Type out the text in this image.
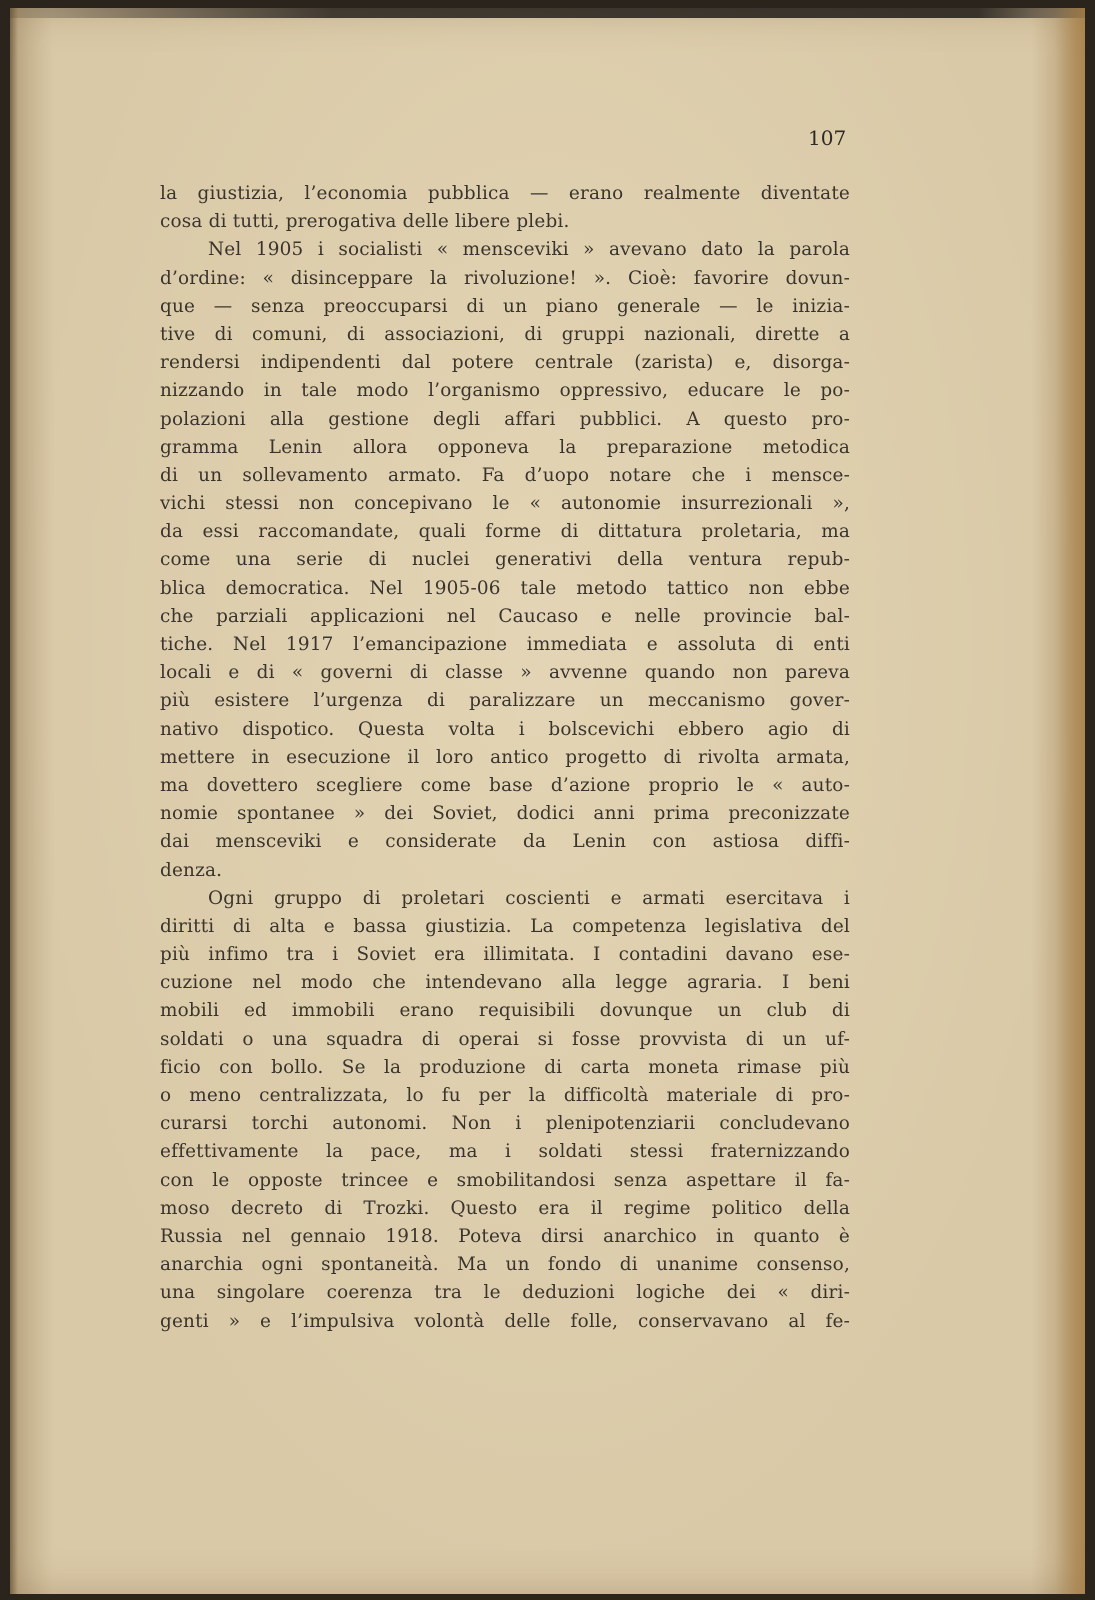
107
la giustizia, l’economia pubblica — erano realmente diventate
cosa di tutti, prerogativa delle libere plebi.
Nel 1905 i socialisti « mensceviki » avevano dato la parola
d’ordine: « disinceppare la rivoluzione! ». Cioè: favorire dovun-
que — senza preoccuparsi di un piano generale — le inizia-
tive di comuni, di associazioni, di gruppi nazionali, dirette a
rendersi indipendenti dal potere centrale (zarista) e, disorga-
nizzando in tale modo l’organismo oppressivo, educare le po-
polazioni alla gestione degli affari pubblici. A questo pro-
gramma Lenin allora opponeva la preparazione metodica
di un sollevamento armato. Fa d’uopo notare che i mensce-
vichi stessi non concepivano le « autonomie insurrezionali »,
da essi raccomandate, quali forme di dittatura proletaria, ma
come una serie di nuclei generativi della ventura repub-
blica democratica. Nel 1905-06 tale metodo tattico non ebbe
che parziali applicazioni nel Caucaso e nelle provincie bal-
tiche. Nel 1917 l’emancipazione immediata e assoluta di enti
locali e di « governi di classe » avvenne quando non pareva
più esistere l’urgenza di paralizzare un meccanismo gover-
nativo dispotico. Questa volta i bolscevichi ebbero agio di
mettere in esecuzione il loro antico progetto di rivolta armata,
ma dovettero scegliere come base d’azione proprio le « auto-
nomie spontanee » dei Soviet, dodici anni prima preconizzate
dai mensceviki e considerate da Lenin con astiosa diffi-
denza.
Ogni gruppo di proletari coscienti e armati esercitava i
diritti di alta e bassa giustizia. La competenza legislativa del
più infimo tra i Soviet era illimitata. I contadini davano ese-
cuzione nel modo che intendevano alla legge agraria. I beni
mobili ed immobili erano requisibili dovunque un club di
soldati o una squadra di operai si fosse provvista di un uf-
ficio con bollo. Se la produzione di carta moneta rimase più
o meno centralizzata, lo fu per la difficoltà materiale di pro-
curarsi torchi autonomi. Non i plenipotenziarii concludevano
effettivamente la pace, ma i soldati stessi fraternizzando
con le opposte trincee e smobilitandosi senza aspettare il fa-
moso decreto di Trozki. Questo era il regime politico della
Russia nel gennaio 1918. Poteva dirsi anarchico in quanto è
anarchia ogni spontaneità. Ma un fondo di unanime consenso,
una singolare coerenza tra le deduzioni logiche dei « diri-
genti » e l’impulsiva volontà delle folle, conservavano al fe-
